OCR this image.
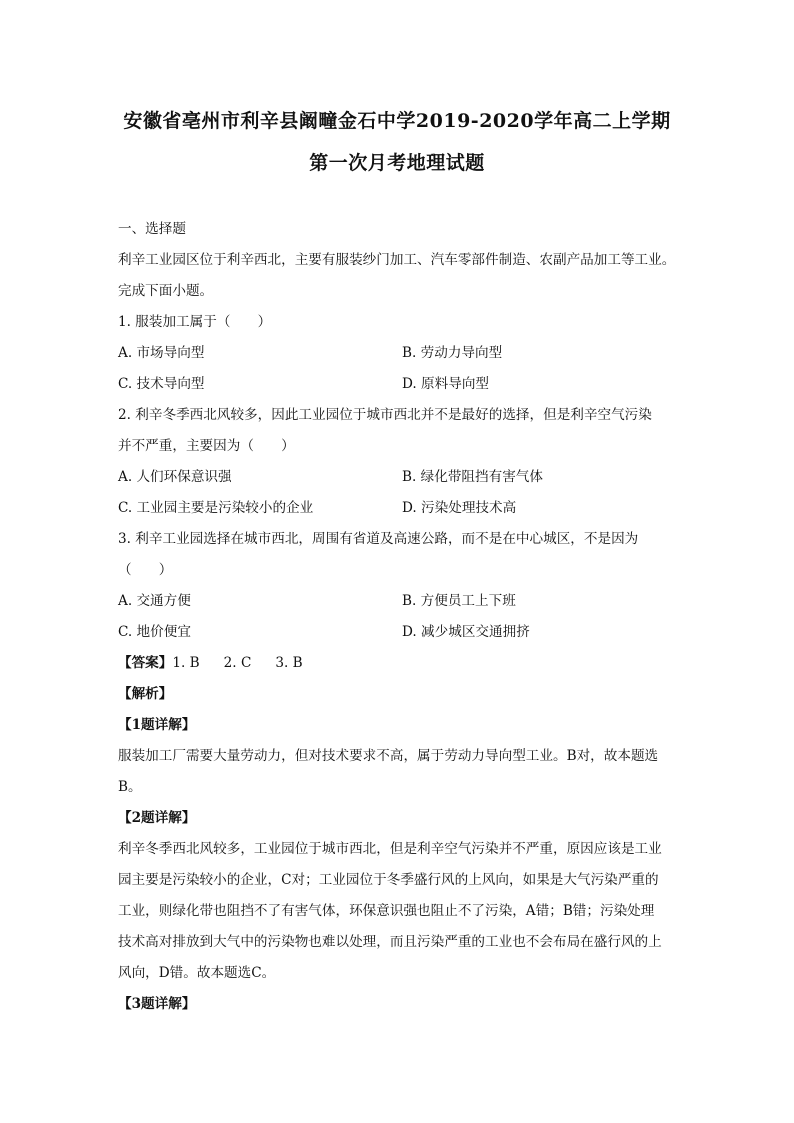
安徽省亳州市利辛县阚疃金石中学2019-2020学年高二上学期
第一次月考地理试题
一、选择题
利辛工业园区位于利辛西北，主要有服装纱门加工、汽车零部件制造、农副产品加工等工业。
完成下面小题。
1. 服装加工属于（　　）
A. 市场导向型	B. 劳动力导向型
C. 技术导向型	D. 原料导向型
2. 利辛冬季西北风较多，因此工业园位于城市西北并不是最好的选择，但是利辛空气污染
并不严重，主要因为（　　）
A. 人们环保意识强	B. 绿化带阻挡有害气体
C. 工业园主要是污染较小的企业	D. 污染处理技术高
3. 利辛工业园选择在城市西北，周围有省道及高速公路，而不是在中心城区，不是因为
（　　）
A. 交通方便	B. 方便员工上下班
C. 地价便宜	D. 减少城区交通拥挤
【答案】1. B 2. C 3. B
【解析】
【1题详解】
服装加工厂需要大量劳动力，但对技术要求不高，属于劳动力导向型工业。B对，故本题选
B。
【2题详解】
利辛冬季西北风较多，工业园位于城市西北，但是利辛空气污染并不严重，原因应该是工业
园主要是污染较小的企业，C对；工业园位于冬季盛行风的上风向，如果是大气污染严重的
工业，则绿化带也阻挡不了有害气体，环保意识强也阻止不了污染，A错；B错；污染处理
技术高对排放到大气中的污染物也难以处理，而且污染严重的工业也不会布局在盛行风的上
风向，D错。故本题选C。
【3题详解】
